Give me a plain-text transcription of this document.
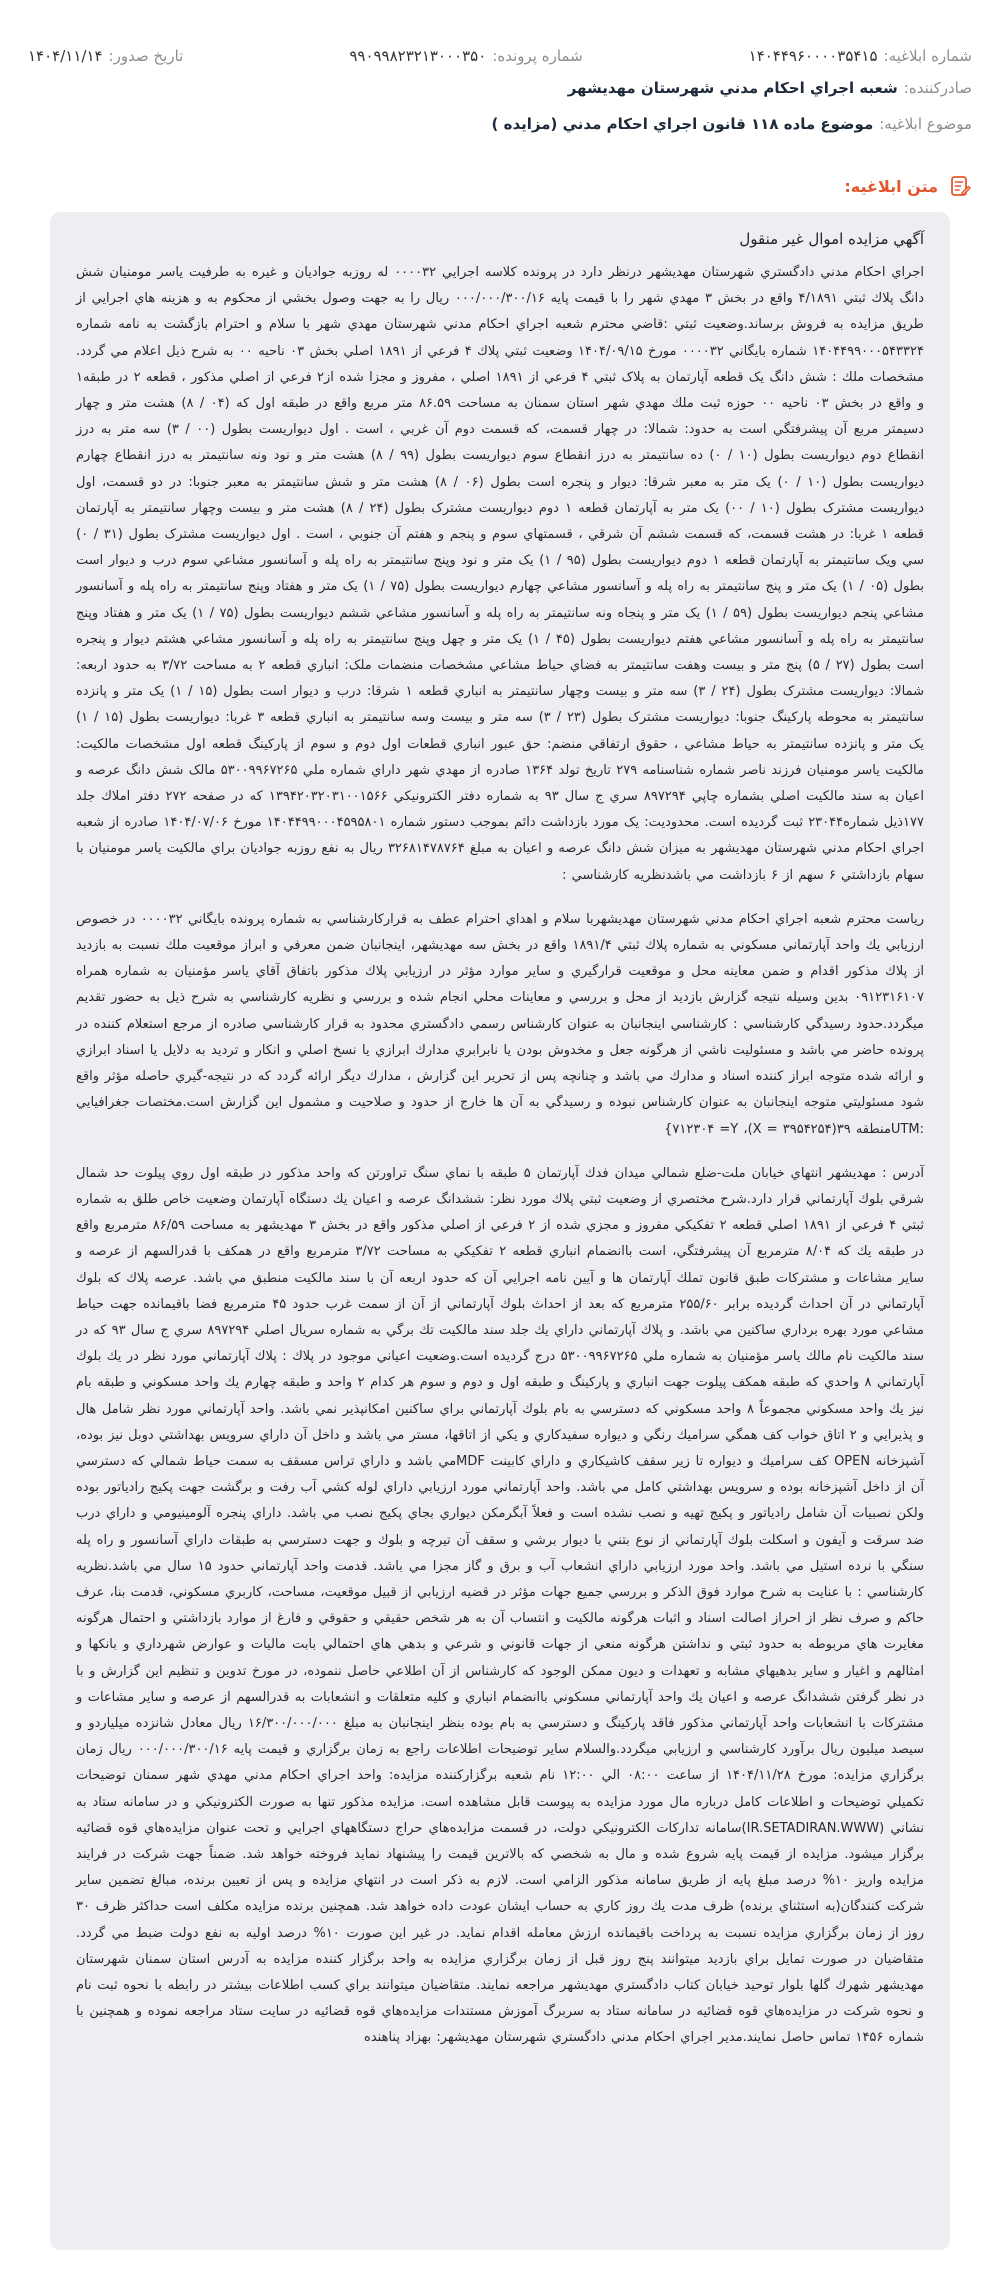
شماره ابلاغیه:
۱۴۰۴۴۹۶۰۰۰۰۳۵۴۱۵
شماره پرونده:
۹۹۰۹۹۸۲۳۲۱۳۰۰۰۳۵۰
تاریخ صدور:
۱۴۰۴/۱۱/۱۴
صادرکننده:
شعبه اجراي احكام مدني شهرستان مهديشهر
موضوع ابلاغیه:
موضوع ماده ۱۱۸ قانون اجراي احكام مدني (مزايده )
متن ابلاغیه:

آگهي مزايده اموال غير منقول

اجراي احكام مدني دادگستري شهرستان مهديشهر درنظر دارد در پرونده كلاسه اجرايي ۰۰۰۰۳۲ له روزبه جواديان و غيره به طرفيت ياسر مومنيان شش دانگ پلاك ثبتي ۴/۱۸۹۱ واقع در بخش ۳ مهدي شهر را با قيمت پايه ۰۰۰/۰۰۰/۳۰۰/۱۶ ريال را به جهت وصول بخشي از محكوم به و هزينه هاي اجرايي از طريق مزايده به فروش برساند.وضعيت ثبتي :قاضي محترم شعبه اجراي احكام مدني شهرستان مهدي شهر با سلام و احترام بازگشت به نامه شماره ۱۴۰۴۴۹۹۰۰۰۵۴۳۳۲۴ شماره بايگاني ۰۰۰۰۳۲ مورخ ۱۴۰۴/۰۹/۱۵ وضعيت ثبتي پلاك ۴ فرعي از ۱۸۹۱ اصلي بخش ۰۳ ناحيه ۰۰ به شرح ذيل اعلام مي گردد. مشخصات ملك : شش دانگ يک قطعه آپارتمان به پلاک ثبتي ۴ فرعي از ۱۸۹۱ اصلي ، مفروز و مجزا شده از۲ فرعي از اصلي مذکور ، قطعه ۲ در طبقه۱ و واقع در بخش ۰۳ ناحيه ۰۰ حوزه ثبت ملك مهدي شهر استان سمنان به مساحت ۸۶.۵۹ متر مربع واقع در طبقه اول که (۰۴ / ۸) هشت متر و چهار دسيمتر مربع آن پيشرفتگي است به حدود: شمالا: در چهار قسمت، که قسمت دوم آن غربي ، است . اول ديواريست بطول (۰۰ / ۳) سه متر به درز انقطاع دوم ديواريست بطول (۱۰ / ۰) ده سانتيمتر به درز انقطاع سوم ديواريست بطول (۹۹ / ۸) هشت متر و نود ونه سانتيمتر به درز انقطاع چهارم ديواريست بطول (۱۰ / ۰) يک متر به معبر شرقا: ديوار و پنجره است بطول (۰۶ / ۸) هشت متر و شش سانتيمتر به معبر جنوبا: در دو قسمت، اول ديواريست مشترک بطول (۱۰ / ۰۰) يک متر به آپارتمان قطعه ۱ دوم ديواريست مشترک بطول (۲۴ / ۸) هشت متر و بيست وچهار سانتيمتر به آپارتمان قطعه ۱ غربا: در هشت قسمت، که قسمت ششم آن شرقي ، قسمتهاي سوم و پنجم و هفتم آن جنوبي ، است . اول ديواريست مشترک بطول (۳۱ / ۰) سي ويک سانتيمتر به آپارتمان قطعه ۱ دوم ديواريست بطول (۹۵ / ۱) يک متر و نود وپنج سانتيمتر به راه پله و آسانسور مشاعي سوم درب و ديوار است بطول (۰۵ / ۱) يک متر و پنج سانتيمتر به راه پله و آسانسور مشاعي چهارم ديواريست بطول (۷۵ / ۱) يک متر و هفتاد وپنج سانتيمتر به راه پله و آسانسور مشاعي پنجم ديواريست بطول (۵۹ / ۱) يک متر و پنجاه ونه سانتيمتر به راه پله و آسانسور مشاعي ششم ديواريست بطول (۷۵ / ۱) يک متر و هفتاد وپنج سانتيمتر به راه پله و آسانسور مشاعي هفتم ديواريست بطول (۴۵ / ۱) يک متر و چهل وپنج سانتيمتر به راه پله و آسانسور مشاعي هشتم ديوار و پنجره است بطول (۲۷ / ۵) پنج متر و بيست وهفت سانتيمتر به فضاي حياط مشاعي مشخصات منضمات ملک: انباري قطعه ۲ به مساحت ۳/۷۲ به حدود اربعه: شمالا: ديواريست مشترک بطول (۲۴ / ۳) سه متر و بيست وچهار سانتيمتر به انباري قطعه ۱ شرقا: درب و ديوار است بطول (۱۵ / ۱) يک متر و پانزده سانتيمتر به محوطه پارکينگ جنوبا: ديواريست مشترک بطول (۲۳ / ۳) سه متر و بيست وسه سانتيمتر به انباري قطعه ۳ غربا: ديواريست بطول (۱۵ / ۱) يک متر و پانزده سانتيمتر به حياط مشاعي ، حقوق ارتفاقي منضم: حق عبور انباري قطعات اول دوم و سوم از پارکينگ قطعه اول مشخصات مالكيت: مالكيت ياسر مومنيان فرزند ناصر شماره شناسنامه ۲۷۹ تاريخ تولد ۱۳۶۴ صادره از مهدي شهر داراي شماره ملي ۵۳۰۰۹۹۶۷۲۶۵ مالک شش دانگ عرصه و اعيان به سند مالكيت اصلي بشماره چاپي ۸۹۷۲۹۴ سري ج سال ۹۳ به شماره دفتر الکترونيکي ۱۳۹۴۲۰۳۲۰۳۱۰۰۱۵۶۶ که در صفحه ۲۷۲ دفتر املاك جلد ۱۷۷ذيل شماره۲۳۰۴۴ ثبت گرديده است. محدوديت: يک مورد بازداشت دائم بموجب دستور شماره ۱۴۰۴۴۹۹۰۰۰۴۵۹۵۸۰۱ مورخ ۱۴۰۴/۰۷/۰۶ صادره از شعبه اجراي احكام مدني شهرستان مهديشهر به ميزان شش دانگ عرصه و اعيان به مبلغ ۳۲۶۸۱۴۷۸۷۶۴ ريال به نفع روزبه جواديان براي مالكيت ياسر مومنيان با سهام بازداشتي ۶ سهم از ۶ بازداشت مي باشدنظريه كارشناسي :

رياست محترم شعبه اجراي احكام مدني شهرستان مهديشهربا سلام و اهداي احترام عطف به قراركارشناسي به شماره پرونده بايگاني ۰۰۰۰۳۲ در خصوص ارزيابي يك واحد آپارتماني مسكوني به شماره پلاك ثبتي ۱۸۹۱/۴ واقع در بخش سه مهديشهر، اينجانبان ضمن معرفي و ابراز موقعيت ملك نسبت به بازديد از پلاك مذكور اقدام و ضمن معاينه محل و موقعيت قرارگيري و ساير موارد مؤثر در ارزيابي پلاك مذكور باتفاق آقاي ياسر مؤمنيان به شماره همراه ۰۹۱۲۳۱۶۱۰۷ بدين وسيله نتيجه گزارش بازديد از محل و بررسي و معاينات محلي انجام شده و بررسي و نظريه كارشناسي به شرح ذيل به حضور تقديم ميگردد.حدود رسيدگي كارشناسي : كارشناسي اينجانبان به عنوان كارشناس رسمي دادگستري محدود به قرار كارشناسي صادره از مرجع استعلام كننده در پرونده حاضر مي باشد و مسئوليت ناشي از هرگونه جعل و مخدوش بودن يا نابرابري مدارك ابرازي يا نسخ اصلي و انكار و ترديد به دلايل يا اسناد ابرازي و ارائه شده متوجه ابراز كننده اسناد و مدارك مي باشد و چنانچه پس از تحرير اين گزارش ، مدارك ديگر ارائه گردد كه در نتيجه-گيري حاصله مؤثر واقع شود مسئوليتي متوجه اينجانبان به عنوان كارشناس نبوده و رسيدگي به آن ها خارج از حدود و صلاحيت و مشمول اين گزارش است.مختصات جغرافيايي :UTMمنطقه ۳۹(۳۹۵۴۲۵۴ = X)، ۷۱۲۳۰۴ =Y}

آدرس : مهديشهر انتهاي خيابان ملت-ضلع شمالي ميدان فدك آپارتمان ۵ طبقه با نماي سنگ تراورتن كه واحد مذكور در طبقه اول روي پيلوت حد شمال شرقي بلوك آپارتماني قرار دارد.شرح مختصري از وضعيت ثبتي پلاك مورد نظر: ششدانگ عرصه و اعيان يك دستگاه آپارتمان وضعيت خاص طلق به شماره ثبتي ۴ فرعي از ۱۸۹۱ اصلي قطعه ۲ تفكيكي مفروز و مجزي شده از ۲ فرعي از اصلي مذكور واقع در بخش ۳ مهديشهر به مساحت ۸۶/۵۹ مترمربع واقع در طبقه يك كه ۸/۰۴ مترمربع آن پيشرفتگي، است باانضمام انباري قطعه ۲ تفكيكي به مساحت ۳/۷۲ مترمربع واقع در همكف با قدرالسهم از عرصه و ساير مشاعات و مشتركات طبق قانون تملك آپارتمان ها و آيين نامه اجرايي آن كه حدود اربعه آن با سند مالكيت منطبق مي باشد. عرصه پلاك كه بلوك آپارتماني در آن احداث گرديده برابر ۲۵۵/۶۰ مترمربع كه بعد از احداث بلوك آپارتماني از آن از سمت غرب حدود ۴۵ مترمربع فضا باقيمانده جهت حياط مشاعي مورد بهره برداري ساكنين مي باشد. و پلاك آپارتماني داراي يك جلد سند مالكيت تك برگي به شماره سريال اصلي ۸۹۷۲۹۴ سري ج سال ۹۳ كه در سند مالكيت نام مالك ياسر مؤمنيان به شماره ملي ۵۳۰۰۹۹۶۷۲۶۵ درج گرديده است.وضعيت اعياني موجود در پلاك : پلاك آپارتماني مورد نظر در يك بلوك آپارتماني ۸ واحدي كه طبقه همكف پيلوت جهت انباري و پاركينگ و طبقه اول و دوم و سوم هر كدام ۲ واحد و طبقه چهارم يك واحد مسكوني و طبقه بام نيز يك واحد مسكوني مجموعاً ۸ واحد مسكوني كه دسترسي به بام بلوك آپارتماني براي ساكنين امكانپذير نمي باشد. واحد آپارتماني مورد نظر شامل هال و پذيرايي و ۲ اتاق خواب كف همگي سراميك رنگي و ديواره سفيدكاري و يكي از اتاقها، مستر مي باشد و داخل آن داراي سرويس بهداشتي دوبل نيز بوده، آشپزخانه OPEN كف سراميك و ديواره تا زير سقف كاشيكاري و داراي كابينت MDFمي باشد و داراي تراس مسقف به سمت حياط شمالي كه دسترسي آن از داخل آشپزخانه بوده و سرويس بهداشتي كامل مي باشد. واحد آپارتماني مورد ارزيابي داراي لوله كشي آب رفت و برگشت جهت پكيج رادياتور بوده ولكن نصبيات آن شامل رادياتور و پكيج تهيه و نصب نشده است و فعلاً آبگرمكن ديواري بجاي پكيج نصب مي باشد. داراي پنجره آلومينيومي و داراي درب ضد سرقت و آيفون و اسكلت بلوك آپارتماني از نوع بتني با ديوار برشي و سقف آن تيرچه و بلوك و جهت دسترسي به طبقات داراي آسانسور و راه پله سنگي با نرده استيل مي باشد. واحد مورد ارزيابي داراي انشعاب آب و برق و گاز مجزا مي باشد. قدمت واحد آپارتماني حدود ۱۵ سال مي باشد.نظريه كارشناسي : با عنايت به شرح موارد فوق الذكر و بررسي جميع جهات مؤثر در قضيه ارزيابي از قبيل موقعيت، مساحت، كاربري مسكوني، قدمت بنا، عرف حاكم و صرف نظر از احراز اصالت اسناد و اثبات هرگونه مالكيت و انتساب آن به هر شخص حقيقي و حقوقي و فارغ از موارد بازداشتي و احتمال هرگونه مغايرت هاي مربوطه به حدود ثبتي و نداشتن هرگونه منعي از جهات قانوني و شرعي و بدهي هاي احتمالي بابت ماليات و عوارض شهرداري و بانكها و امثالهم و اغيار و ساير بدهيهاي مشابه و تعهدات و ديون ممكن الوجود كه كارشناس از آن اطلاعي حاصل ننموده، در مورخ تدوين و تنظيم اين گزارش و با در نظر گرفتن ششدانگ عرصه و اعيان يك واحد آپارتماني مسكوني باانضمام انباري و كليه متعلقات و انشعابات به قدرالسهم از عرصه و ساير مشاعات و مشتركات با انشعابات واحد آپارتماني مذكور فاقد پاركينگ و دسترسي به بام بوده بنظر اينجانبان به مبلغ ۱۶/۳۰۰/۰۰۰/۰۰۰ ريال معادل شانزده ميلياردو و سيصد ميليون ريال برآورد كارشناسي و ارزيابي ميگردد.والسلام ساير توضيحات اطلاعات راجع به زمان برگزاري و قيمت پايه ۰۰۰/۰۰۰/۳۰۰/۱۶ ريال زمان برگزاري مزايده: مورخ ۱۴۰۴/۱۱/۲۸ از ساعت ۰۸:۰۰ الي ۱۲:۰۰ نام شعبه برگزاركننده مزايده: واحد اجراي احكام مدني مهدي شهر سمنان توضيحات تكميلي توضيحات و اطلاعات كامل درباره مال مورد مزايده به پيوست قابل مشاهده است. مزايده مذكور تنها به صورت الكترونيكي و در سامانه ستاد به نشاني (IR.SETADIRAN.WWW)سامانه تداركات الكترونيكي دولت، در قسمت مزايده‌هاي حراج دستگاههاي اجرايي و تحت عنوان مزايده‌هاي قوه قضائيه برگزار ميشود. مزايده از قيمت پايه شروع شده و مال به شخصي كه بالاترين قيمت را پيشنهاد نمايد فروخته خواهد شد. ضمناً جهت شركت در فرايند مزايده واريز ۱۰% درصد مبلغ پايه از طريق سامانه مذكور الزامي است. لازم به ذكر است در انتهاي مزايده و پس از تعيين برنده، مبالغ تضمين ساير شركت كنندگان(به استثناي برنده) ظرف مدت يك روز كاري به حساب ايشان عودت داده خواهد شد. همچنين برنده مزايده مكلف است حداكثر ظرف ۳۰ روز از زمان برگزاري مزايده نسبت به پرداخت باقيمانده ارزش معامله اقدام نمايد. در غير اين صورت ۱۰% درصد اوليه به نفع دولت ضبط مي گردد. متقاضيان در صورت تمايل براي بازديد ميتوانند پنج روز قبل از زمان برگزاري مزايده به واحد برگزار كننده مزايده به آدرس استان سمنان شهرستان مهديشهر شهرك گلها بلوار توحيد خيابان كتاب دادگستري مهديشهر مراجعه نمايند. متقاضيان ميتوانند براي كسب اطلاعات بيشتر در رابطه با نحوه ثبت نام و نحوه شركت در مزايده‌هاي قوه قضائيه در سامانه ستاد به سربرگ آموزش مستندات مزايده‌هاي قوه قضائيه در سايت ستاد مراجعه نموده و همچنين با شماره ۱۴۵۶ تماس حاصل نمايند.مدير اجراي احكام مدني دادگستري شهرستان مهديشهر: بهزاد پناهنده
